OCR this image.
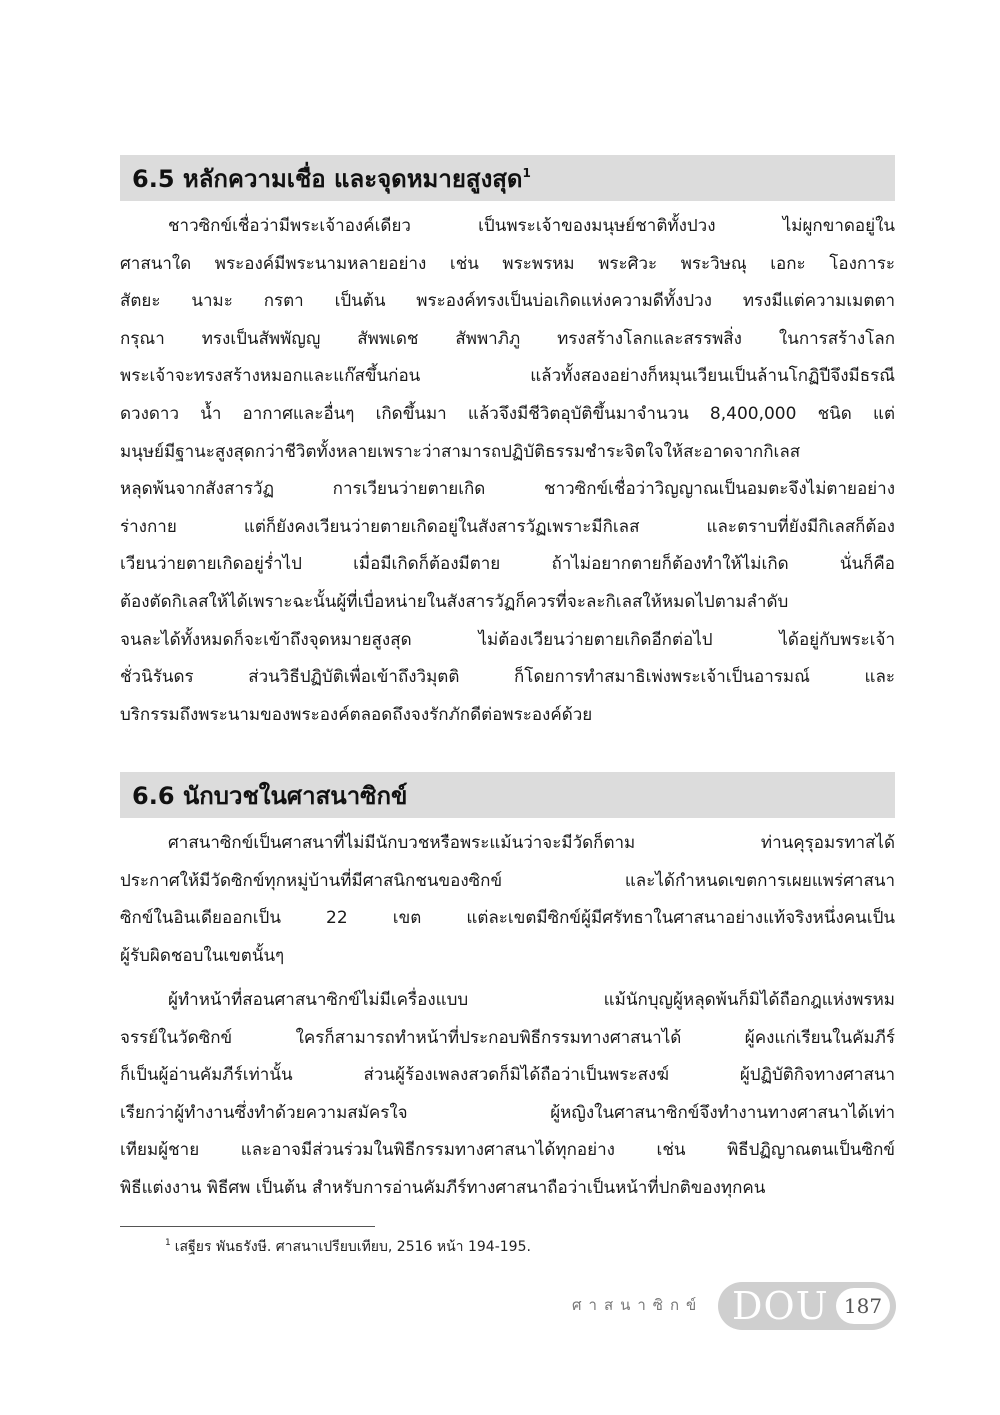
6.5 หลักความเชื่อ และจุดหมายสูงสุด$^1$
ชาวซิกข์เชื่อว่ามีพระเจ้าองค์เดียว เป็นพระเจ้าของมนุษย์ชาติทั้งปวง ไม่ผูกขาดอยู่ใน
ศาสนาใด พระองค์มีพระนามหลายอย่าง เช่น พระพรหม พระศิวะ พระวิษณุ เอกะ โองการะ
สัตยะ นามะ กรตา เป็นต้น พระองค์ทรงเป็นบ่อเกิดแห่งความดีทั้งปวง ทรงมีแต่ความเมตตา
กรุณา ทรงเป็นสัพพัญญู สัพพเดช สัพพาภิภู ทรงสร้างโลกและสรรพสิ่ง ในการสร้างโลก
พระเจ้าจะทรงสร้างหมอกและแก๊สขึ้นก่อน แล้วทั้งสองอย่างก็หมุนเวียนเป็นล้านโกฏิปีจึงมีธรณี
ดวงดาว น้ำ อากาศและอื่นๆ เกิดขึ้นมา แล้วจึงมีชีวิตอุบัติขึ้นมาจำนวน 8,400,000 ชนิด แต่
มนุษย์มีฐานะสูงสุดกว่าชีวิตทั้งหลายเพราะว่าสามารถปฏิบัติธรรมชำระจิตใจให้สะอาดจากกิเลส
หลุดพ้นจากสังสารวัฏ การเวียนว่ายตายเกิด ชาวซิกข์เชื่อว่าวิญญาณเป็นอมตะจึงไม่ตายอย่าง
ร่างกาย แต่ก็ยังคงเวียนว่ายตายเกิดอยู่ในสังสารวัฏเพราะมีกิเลส และตราบที่ยังมีกิเลสก็ต้อง
เวียนว่ายตายเกิดอยู่ร่ำไป เมื่อมีเกิดก็ต้องมีตาย ถ้าไม่อยากตายก็ต้องทำให้ไม่เกิด นั่นก็คือ
ต้องตัดกิเลสให้ได้เพราะฉะนั้นผู้ที่เบื่อหน่ายในสังสารวัฏก็ควรที่จะละกิเลสให้หมดไปตามลำดับ
จนละได้ทั้งหมดก็จะเข้าถึงจุดหมายสูงสุด ไม่ต้องเวียนว่ายตายเกิดอีกต่อไป ได้อยู่กับพระเจ้า
ชั่วนิรันดร ส่วนวิธีปฏิบัติเพื่อเข้าถึงวิมุตติ ก็โดยการทำสมาธิเพ่งพระเจ้าเป็นอารมณ์ และ
บริกรรมถึงพระนามของพระองค์ตลอดถึงจงรักภักดีต่อพระองค์ด้วย
6.6 นักบวชในศาสนาซิกข์
ศาสนาซิกข์เป็นศาสนาที่ไม่มีนักบวชหรือพระแม้นว่าจะมีวัดก็ตาม ท่านคุรุอมรทาสได้
ประกาศให้มีวัดซิกข์ทุกหมู่บ้านที่มีศาสนิกชนของซิกข์ และได้กำหนดเขตการเผยแพร่ศาสนา
ซิกข์ในอินเดียออกเป็น 22 เขต แต่ละเขตมีซิกข์ผู้มีศรัทธาในศาสนาอย่างแท้จริงหนึ่งคนเป็น
ผู้รับผิดชอบในเขตนั้นๆ
ผู้ทำหน้าที่สอนศาสนาซิกข์ไม่มีเครื่องแบบ แม้นักบุญผู้หลุดพ้นก็มิได้ถือกฎแห่งพรหม
จรรย์ในวัดซิกข์ ใครก็สามารถทำหน้าที่ประกอบพิธีกรรมทางศาสนาได้ ผู้คงแก่เรียนในคัมภีร์
ก็เป็นผู้อ่านคัมภีร์เท่านั้น ส่วนผู้ร้องเพลงสวดก็มิได้ถือว่าเป็นพระสงฆ์ ผู้ปฏิบัติกิจทางศาสนา
เรียกว่าผู้ทำงานซึ่งทำด้วยความสมัครใจ ผู้หญิงในศาสนาซิกข์จึงทำงานทางศาสนาได้เท่า
เทียมผู้ชาย และอาจมีส่วนร่วมในพิธีกรรมทางศาสนาได้ทุกอย่าง เช่น พิธีปฏิญาณตนเป็นซิกข์
พิธีแต่งงาน พิธีศพ เป็นต้น สำหรับการอ่านคัมภีร์ทางศาสนาถือว่าเป็นหน้าที่ปกติของทุกคน
$^1$ เสฐียร พันธรังษี. ศาสนาเปรียบเทียบ, 2516 หน้า 194-195.
ศาสนาซิกข์ DOU 187
